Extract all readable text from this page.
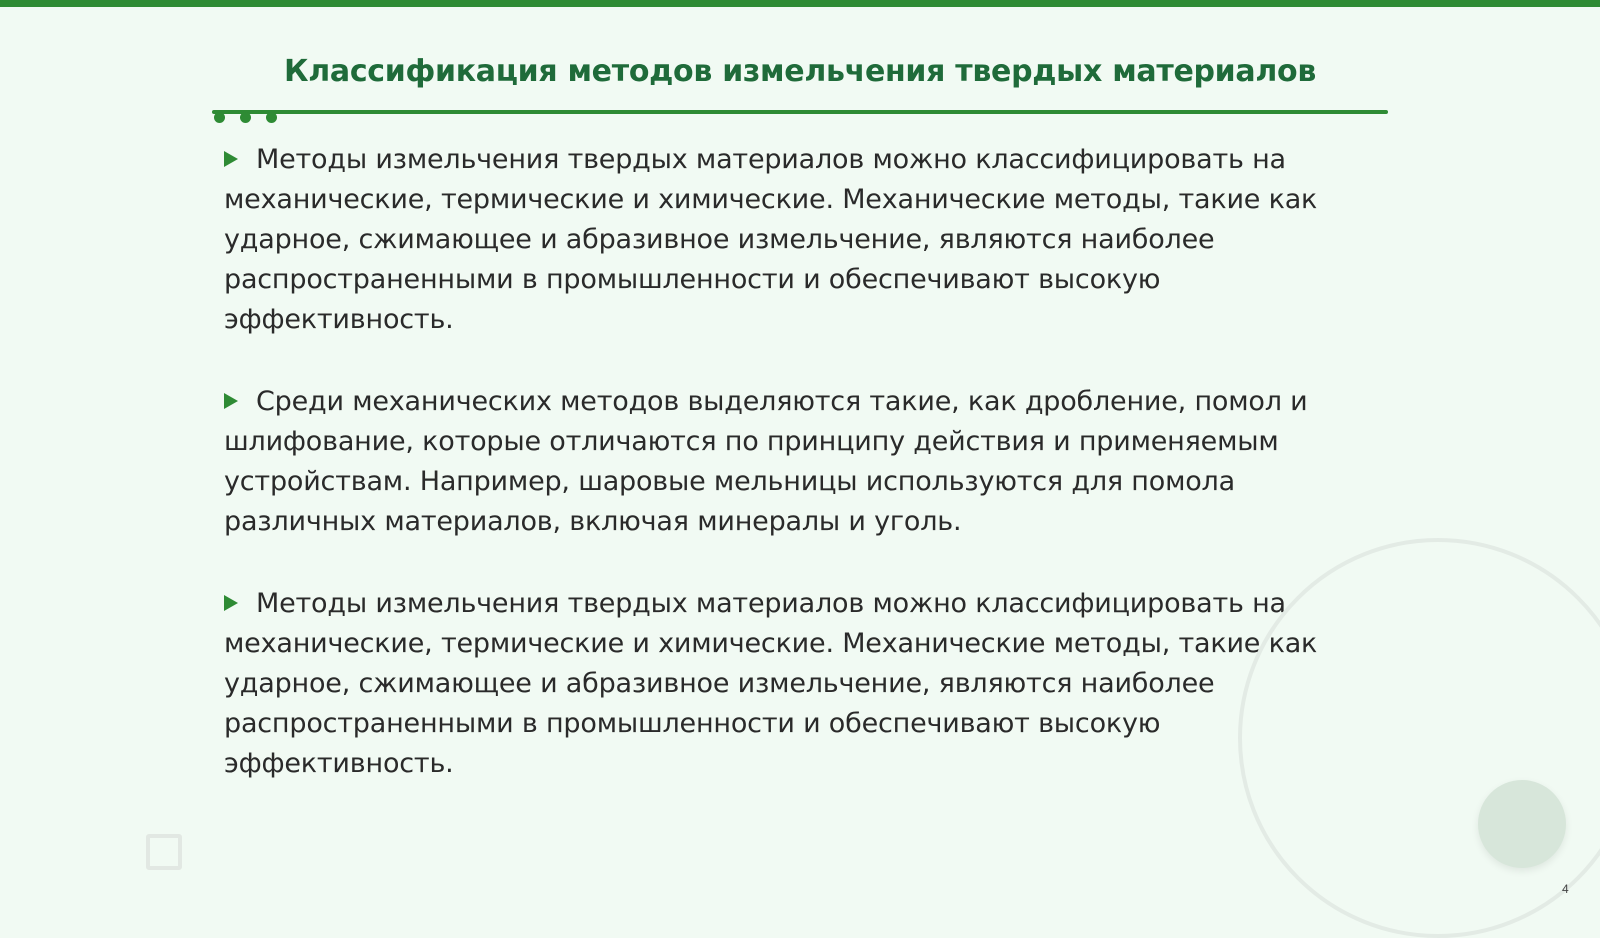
Классификация методов измельчения твердых материалов

Методы измельчения твердых материалов можно классифицировать на механические, термические и химические. Механические методы, такие как ударное, сжимающее и абразивное измельчение, являются наиболее распространенными в промышленности и обеспечивают высокую эффективность.

Среди механических методов выделяются такие, как дробление, помол и шлифование, которые отличаются по принципу действия и применяемым устройствам. Например, шаровые мельницы используются для помола различных материалов, включая минералы и уголь.

Методы измельчения твердых материалов можно классифицировать на механические, термические и химические. Механические методы, такие как ударное, сжимающее и абразивное измельчение, являются наиболее распространенными в промышленности и обеспечивают высокую эффективность.

4
